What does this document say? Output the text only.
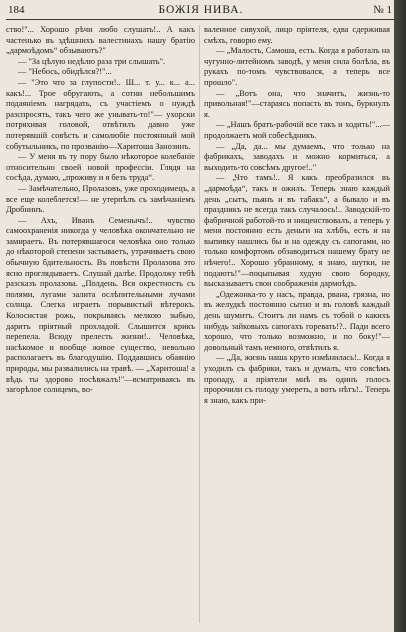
184	БОЖІЯ НИВА.	№ 1

ство!"... Хорошо рѣчи любо слушать!.. А какъ частенько въ здѣшнихъ валестинахъ нашу братію „дармоѣдомъ“ обзываютъ?"

— "За цѣлую недѣлю раза три слышать".

— "Небось, обидѣлся?!"...

— "Это что за глупости!.. Ш... т. у... к... а... какъ!... Трое обругають, а сотни небольшимъ подаяніемъ нагрядать, съ участіемъ о нуждѣ разспросять, такъ чего же унывать-то!"— ухорски потряхивая головой, отвѣтилъ давно уже потерявшій совѣсть и самолюбіе постоянный мой собутыльникъ, по прозванію—Харитоша Занозинъ.

— У меня въ ту пору было нѣкоторое колебаніе относительно своей новой профессіи. Глядя на сосѣда, думаю, „проживу и я безъ труда“.

— Замѣчательно, Пролазовъ, уже проходимецъ, а все еще колеблется!— не утерпѣлъ съ замѣчаніемъ Дробнинъ.

— Ахъ, Иванъ Семенычъ!.. чувство самоохраненія никогда у человѣка окончательно не замираетъ. Въ потерявшагося человѣка оно только до нѣкоторой степени застываетъ, утрачиваетъ свою обычную бдительность. Въ повѣсти Пролазова это ясно проглядываетъ. Слушай далѣе. Продолжу тебѣ разсказъ пролазова. „Полдень. Вся окрестность съ полями, лугами залита ослѣпительными лучами солнца. Слегка играетъ порывистый вѣтерокъ. Колосистая рожь, покрываясь мелкою зыбью, даритъ пріятный прохладой. Слышится крикъ перепела. Всюду прелесть жизни!.. Человѣка, насѣкомое и вообще живое существо, невольно располагаетъ въ благодушію. Поддавшись обаянію природы, мы развалились на травѣ. — „Харитоша! а вѣдь ты здорово посѣвжалъ!"—всматриваясь въ загорѣлое солнцемъ, во-

валенное сивухой, лицо пріятеля, едва сдерживая смѣхъ, говорю ему.

— „Малость, Самоша, есть. Когда я работалъ на чугунно-литейномъ заводѣ, у меня сила болѣла, въ рукахъ по-томъ чувствовался, а теперь все прошло".

— „Вотъ она, что значитъ, жизнь-то привольная!"—стараясь попасть въ тонъ, буркнулъ я.

— „Нашъ братъ-рабочій все такъ и ходить!"...—продолжаетъ мой собесѣдникъ.

— „Да, да... мы думаемъ, что только на фабрикахъ, заводахъ и можно кормиться, а выходить-то совсѣмъ другое!.."

— „Что тамъ!.. Я какъ преобразился въ „дармоѣда“, такъ и ожилъ. Теперь знаю каждый день „сытъ, пьянъ и въ табакъ“, а бывало и въ праздникъ не всегда такъ случалось!.. Заводскій-то фабричной работой-то и нищенствовалъ, а теперь у меня постоянно есть деньги на хлѣбъ, есть и на выпивку нашлись бы и на одежду съ сапогами, но только комфортомъ обзаводиться нашему брату не нѣчего!.. Хорошо убранному, я знаю, шутки, не подаютъ!"—поцыпывая худую свою бородку, высказываетъ свои соображенія дармоѣдъ.

„Одежонка-то у насъ, правда, рвана, грязна, но въ желудкѣ постоянно сытно и въ головѣ каждый день шумитъ. Стоитъ ли намъ съ тобой о какихъ нибудь зайковыхъ сапогахъ горевать!?.. Пади всего хорошо, что только возможно, и по боку!"—довольный тамъ немного, отвѣтилъ я.

— „Да, жизнь наша круто измѣнилась!.. Когда я уходилъ съ фабрики, такъ и думалъ, что совсѣмъ пропаду, а пріятели мнѣ въ одинъ голосъ пророчили съ голоду умереть, а вотъ нѣтъ!.. Теперь я знаю, какъ при-
